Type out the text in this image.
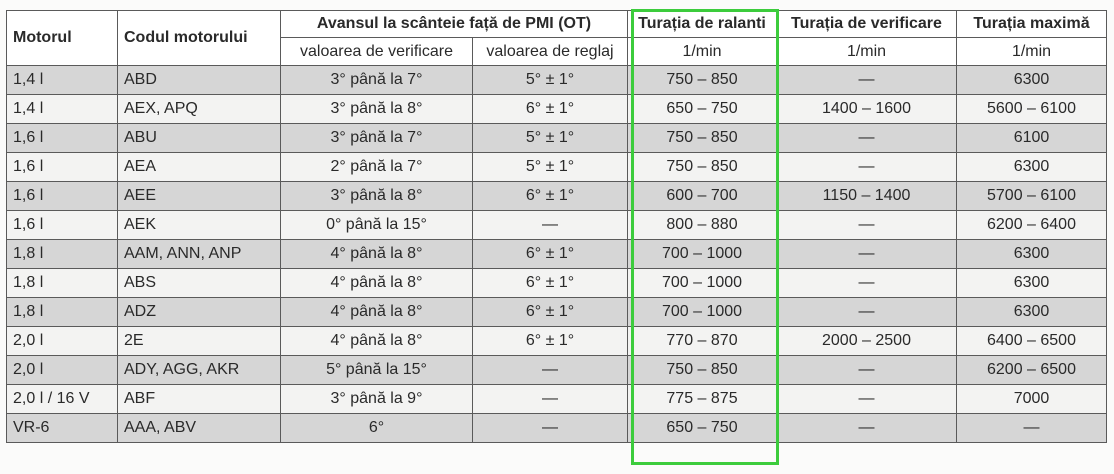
Motorul	Codul motorului	Avansul la scânteie față de PMI (OT)		Turația de ralanti	Turația de verificare	Turația maximă
		valoarea de verificare	valoarea de reglaj	1/min	1/min	1/min
1,4 l	ABD	3° până la 7°	5° ± 1°	750 – 850	—	6300
1,4 l	AEX, APQ	3° până la 8°	6° ± 1°	650 – 750	1400 – 1600	5600 – 6100
1,6 l	ABU	3° până la 7°	5° ± 1°	750 – 850	—	6100
1,6 l	AEA	2° până la 7°	5° ± 1°	750 – 850	—	6300
1,6 l	AEE	3° până la 8°	6° ± 1°	600 – 700	1150 – 1400	5700 – 6100
1,6 l	AEK	0° până la 15°	—	800 – 880	—	6200 – 6400
1,8 l	AAM, ANN, ANP	4° până la 8°	6° ± 1°	700 – 1000	—	6300
1,8 l	ABS	4° până la 8°	6° ± 1°	700 – 1000	—	6300
1,8 l	ADZ	4° până la 8°	6° ± 1°	700 – 1000	—	6300
2,0 l	2E	4° până la 8°	6° ± 1°	770 – 870	2000 – 2500	6400 – 6500
2,0 l	ADY, AGG, AKR	5° până la 15°	—	750 – 850	—	6200 – 6500
2,0 l / 16 V	ABF	3° până la 9°	—	775 – 875	—	7000
VR-6	AAA, ABV	6°	—	650 – 750	—	—
